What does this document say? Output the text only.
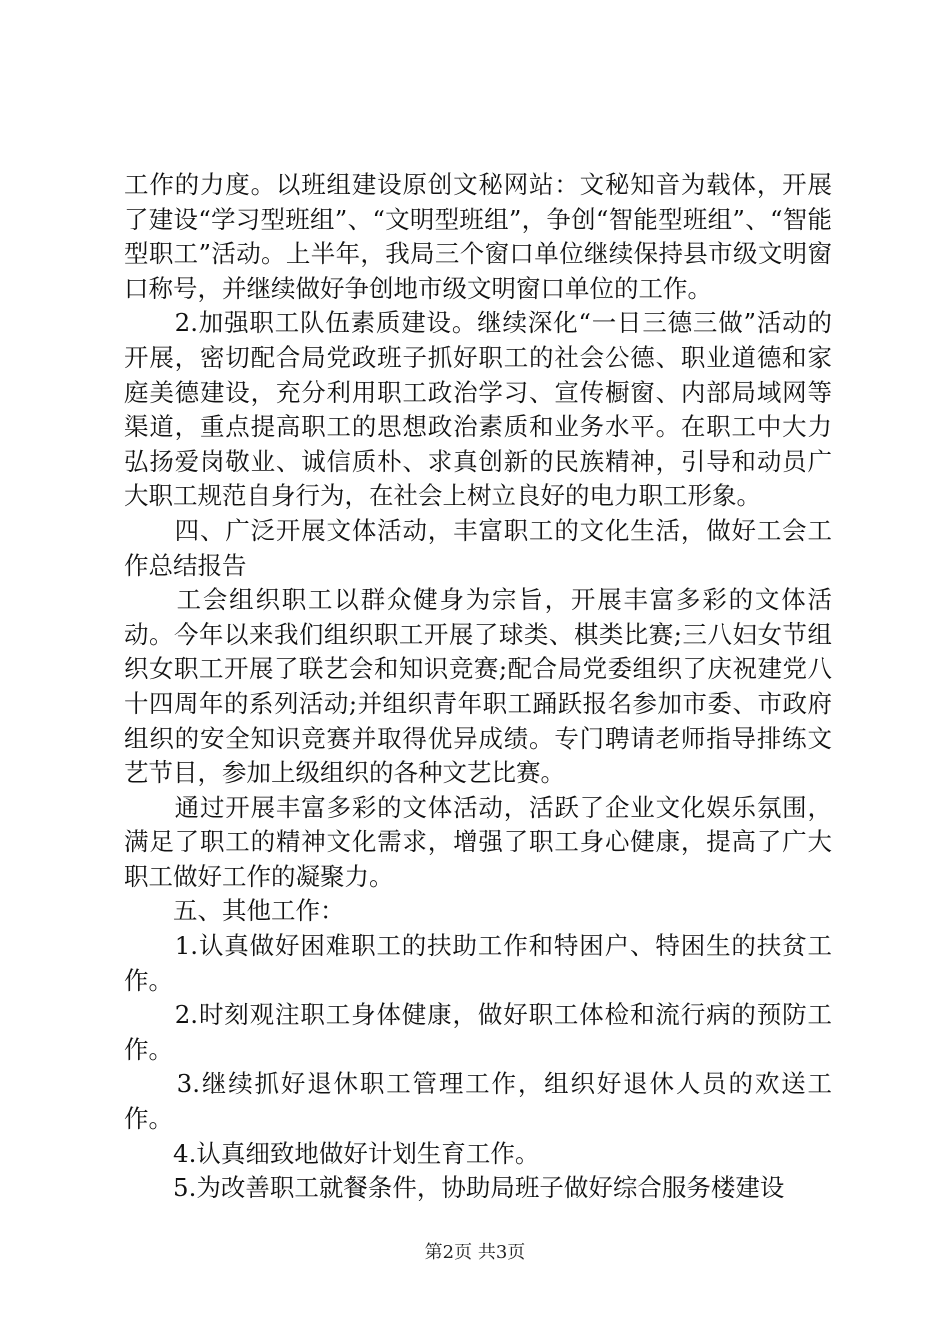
工作的力度。以班组建设原创文秘网站：文秘知音为载体，开展了建设“学习型班组”、“文明型班组”，争创“智能型班组”、“智能型职工”活动。上半年，我局三个窗口单位继续保持县市级文明窗口称号，并继续做好争创地市级文明窗口单位的工作。

　　2.加强职工队伍素质建设。继续深化“一日三德三做”活动的开展，密切配合局党政班子抓好职工的社会公德、职业道德和家庭美德建设，充分利用职工政治学习、宣传橱窗、内部局域网等渠道，重点提高职工的思想政治素质和业务水平。在职工中大力弘扬爱岗敬业、诚信质朴、求真创新的民族精神，引导和动员广大职工规范自身行为，在社会上树立良好的电力职工形象。

　　四、广泛开展文体活动，丰富职工的文化生活，做好工会工作总结报告

　　工会组织职工以群众健身为宗旨，开展丰富多彩的文体活动。今年以来我们组织职工开展了球类、棋类比赛;三八妇女节组织女职工开展了联艺会和知识竞赛;配合局党委组织了庆祝建党八十四周年的系列活动;并组织青年职工踊跃报名参加市委、市政府组织的安全知识竞赛并取得优异成绩。专门聘请老师指导排练文艺节目，参加上级组织的各种文艺比赛。

　　通过开展丰富多彩的文体活动，活跃了企业文化娱乐氛围，满足了职工的精神文化需求，增强了职工身心健康，提高了广大职工做好工作的凝聚力。

　　五、其他工作：

　　1.认真做好困难职工的扶助工作和特困户、特困生的扶贫工作。

　　2.时刻观注职工身体健康，做好职工体检和流行病的预防工作。

　　3.继续抓好退休职工管理工作，组织好退休人员的欢送工作。

　　4.认真细致地做好计划生育工作。

　　5.为改善职工就餐条件，协助局班子做好综合服务楼建设

第2页 共3页
